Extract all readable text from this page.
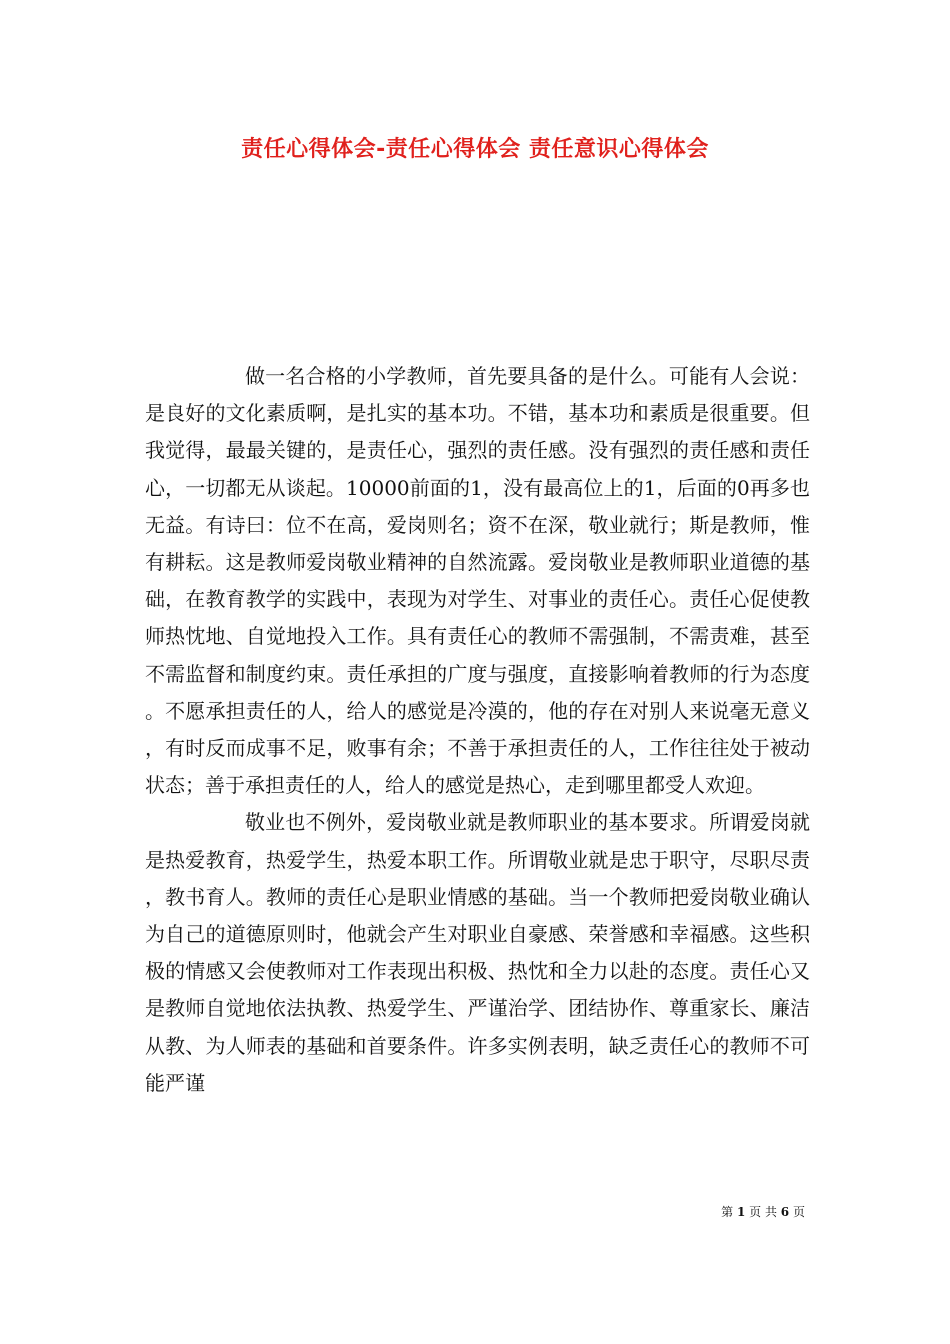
责任心得体会-责任心得体会 责任意识心得体会

做一名合格的小学教师，首先要具备的是什么。可能有人会说：是良好的文化素质啊，是扎实的基本功。不错，基本功和素质是很重要。但我觉得，最最关键的，是责任心，强烈的责任感。没有强烈的责任感和责任心，一切都无从谈起。10000前面的1，没有最高位上的1，后面的0再多也无益。有诗曰：位不在高，爱岗则名；资不在深，敬业就行；斯是教师，惟有耕耘。这是教师爱岗敬业精神的自然流露。爱岗敬业是教师职业道德的基础，在教育教学的实践中，表现为对学生、对事业的责任心。责任心促使教师热忱地、自觉地投入工作。具有责任心的教师不需强制，不需责难，甚至不需监督和制度约束。责任承担的广度与强度，直接影响着教师的行为态度。不愿承担责任的人，给人的感觉是冷漠的，他的存在对别人来说毫无意义，有时反而成事不足，败事有余；不善于承担责任的人，工作往往处于被动状态；善于承担责任的人，给人的感觉是热心，走到哪里都受人欢迎。

敬业也不例外，爱岗敬业就是教师职业的基本要求。所谓爱岗就是热爱教育，热爱学生，热爱本职工作。所谓敬业就是忠于职守，尽职尽责，教书育人。教师的责任心是职业情感的基础。当一个教师把爱岗敬业确认为自己的道德原则时，他就会产生对职业自豪感、荣誉感和幸福感。这些积极的情感又会使教师对工作表现出积极、热忱和全力以赴的态度。责任心又是教师自觉地依法执教、热爱学生、严谨治学、团结协作、尊重家长、廉洁从教、为人师表的基础和首要条件。许多实例表明，缺乏责任心的教师不可能严谨

第 1 页 共 6 页
